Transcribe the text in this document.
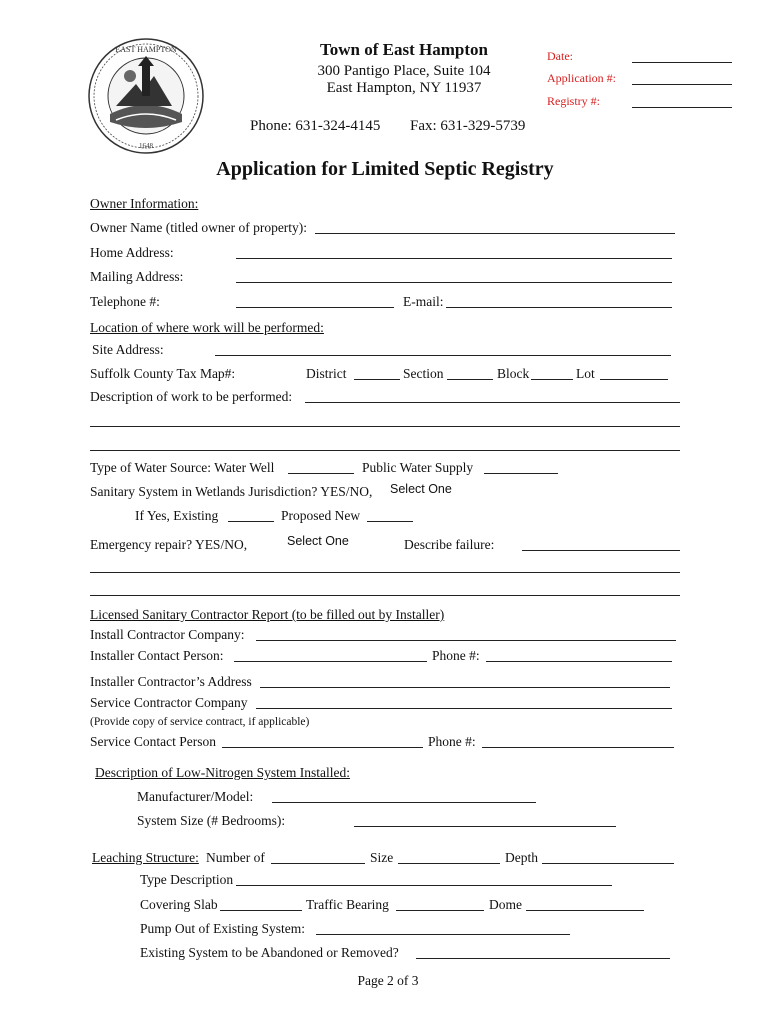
EAST HAMPTON
1648
Town of East Hampton
300 Pantigo Place, Suite 104
East Hampton, NY 11937
Phone: 631-324-4145 Fax: 631-329-5739
Date:
Application #:
Registry #:
Application for Limited Septic Registry
Owner Information:
Owner Name (titled owner of property):
Home Address:
Mailing Address:
Telephone #:	E-mail:
Location of where work will be performed:
Site Address:
Suffolk County Tax Map#:	District	Section	Block	Lot
Description of work to be performed:
Type of Water Source: Water Well	Public Water Supply
Sanitary System in Wetlands Jurisdiction? YES/NO, Select One
If Yes, Existing	Proposed New
Emergency repair? YES/NO,	Select One	Describe failure:
Licensed Sanitary Contractor Report (to be filled out by Installer)
Install Contractor Company:
Installer Contact Person:	Phone #:
Installer Contractor’s Address
Service Contractor Company
(Provide copy of service contract, if applicable)
Service Contact Person	Phone #:
Description of Low-Nitrogen System Installed:
Manufacturer/Model:
System Size (# Bedrooms):
Leaching Structure: Number of	Size	Depth
Type Description
Covering Slab	Traffic Bearing	Dome
Pump Out of Existing System:
Existing System to be Abandoned or Removed?
Page 2 of 3
